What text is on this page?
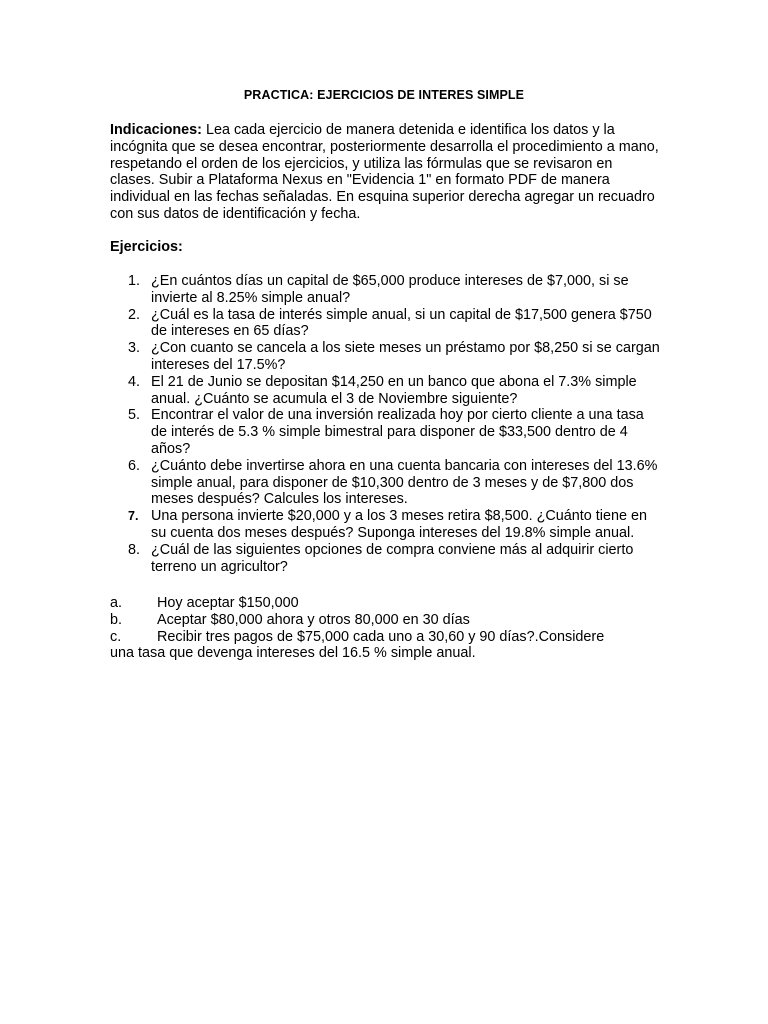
PRACTICA: EJERCICIOS DE INTERES SIMPLE
Indicaciones: Lea cada ejercicio de manera detenida e identifica los datos y la incógnita que se desea encontrar, posteriormente desarrolla el procedimiento a mano, respetando el orden de los ejercicios, y utiliza las fórmulas que se revisaron en clases. Subir a Plataforma Nexus en "Evidencia 1" en formato PDF de manera individual en las fechas señaladas. En esquina superior derecha agregar un recuadro con sus datos de identificación y fecha.
Ejercicios:
1. ¿En cuántos días un capital de $65,000 produce intereses de $7,000, si se invierte al 8.25% simple anual?
2. ¿Cuál es la tasa de interés simple anual, si un capital de $17,500 genera $750 de intereses en 65 días?
3. ¿Con cuanto se cancela a los siete meses un préstamo por $8,250 si se cargan intereses del 17.5%?
4. El 21 de Junio se depositan $14,250 en un banco que abona el 7.3% simple anual. ¿Cuánto se acumula el 3 de Noviembre siguiente?
5. Encontrar el valor de una inversión realizada hoy por cierto cliente a una tasa de interés de 5.3 % simple bimestral para disponer de $33,500 dentro de 4 años?
6. ¿Cuánto debe invertirse ahora en una cuenta bancaria con intereses del 13.6% simple anual, para disponer de $10,300 dentro de 3 meses y de $7,800 dos meses después? Calcules los intereses.
7. Una persona invierte $20,000 y a los 3 meses retira $8,500. ¿Cuánto tiene en su cuenta dos meses después? Suponga intereses del 19.8% simple anual.
8. ¿Cuál de las siguientes opciones de compra conviene más al adquirir cierto terreno un agricultor?
a. Hoy aceptar $150,000
b. Aceptar $80,000 ahora y otros 80,000 en 30 días
c. Recibir tres pagos de $75,000 cada uno a 30,60 y 90 días?.Considere
una tasa que devenga intereses del 16.5 % simple anual.
